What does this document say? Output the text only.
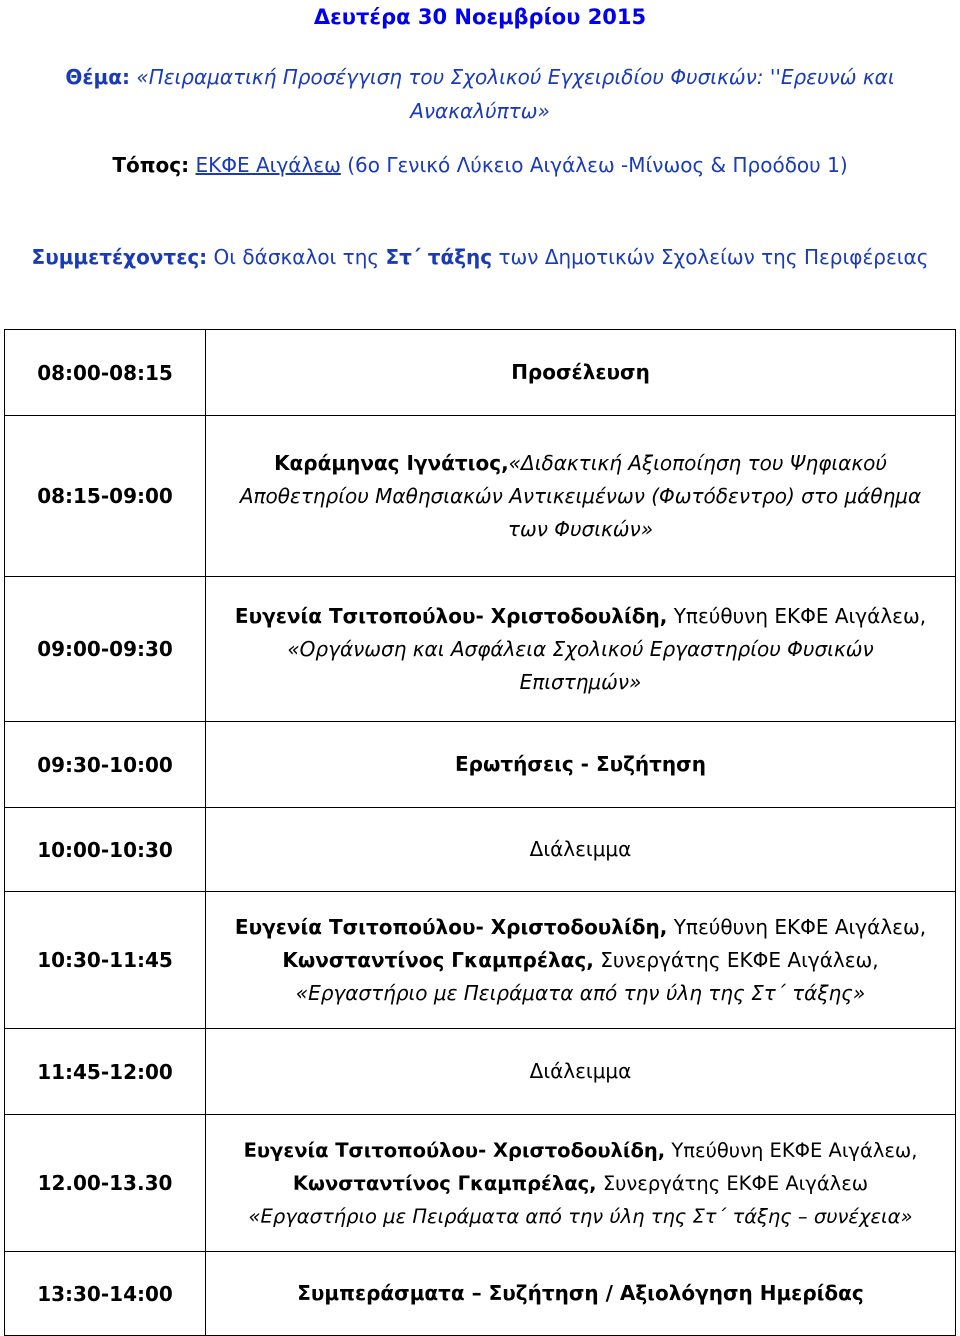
Δευτέρα 30 Νοεμβρίου 2015
Θέμα: «Πειραματική Προσέγγιση του Σχολικού Εγχειριδίου Φυσικών: ''Ερευνώ και Ανακαλύπτω»
Τόπος: ΕΚΦΕ Αιγάλεω (6ο Γενικό Λύκειο Αιγάλεω -Μίνωος & Προόδου 1)
Συμμετέχοντες: Οι δάσκαλοι της Στ΄ τάξης των Δημοτικών Σχολείων της Περιφέρειας
08:00-08:15	Προσέλευση
08:15-09:00	Καράμηνας Ιγνάτιος,«Διδακτική Αξιοποίηση του Ψηφιακού
Αποθετηρίου Μαθησιακών Αντικειμένων (Φωτόδεντρο) στο μάθημα
των Φυσικών»

09:00-09:30	Ευγενία Τσιτοπούλου- Χριστοδουλίδη, Υπεύθυνη ΕΚΦΕ Αιγάλεω,
«Οργάνωση και Ασφάλεια Σχολικού Εργαστηρίου Φυσικών
Επιστημών»

09:30-10:00	Ερωτήσεις - Συζήτηση
10:00-10:30	Διάλειμμα
10:30-11:45	Ευγενία Τσιτοπούλου- Χριστοδουλίδη, Υπεύθυνη ΕΚΦΕ Αιγάλεω,
Κωνσταντίνος Γκαμπρέλας, Συνεργάτης ΕΚΦΕ Αιγάλεω,
«Εργαστήριο με Πειράματα από την ύλη της Στ΄ τάξης»

11:45-12:00	Διάλειμμα
12.00-13.30	Ευγενία Τσιτοπούλου- Χριστοδουλίδη, Υπεύθυνη ΕΚΦΕ Αιγάλεω,
Κωνσταντίνος Γκαμπρέλας, Συνεργάτης ΕΚΦΕ Αιγάλεω
«Εργαστήριο με Πειράματα από την ύλη της Στ΄ τάξης – συνέχεια»

13:30-14:00	Συμπεράσματα – Συζήτηση / Αξιολόγηση Ημερίδας
